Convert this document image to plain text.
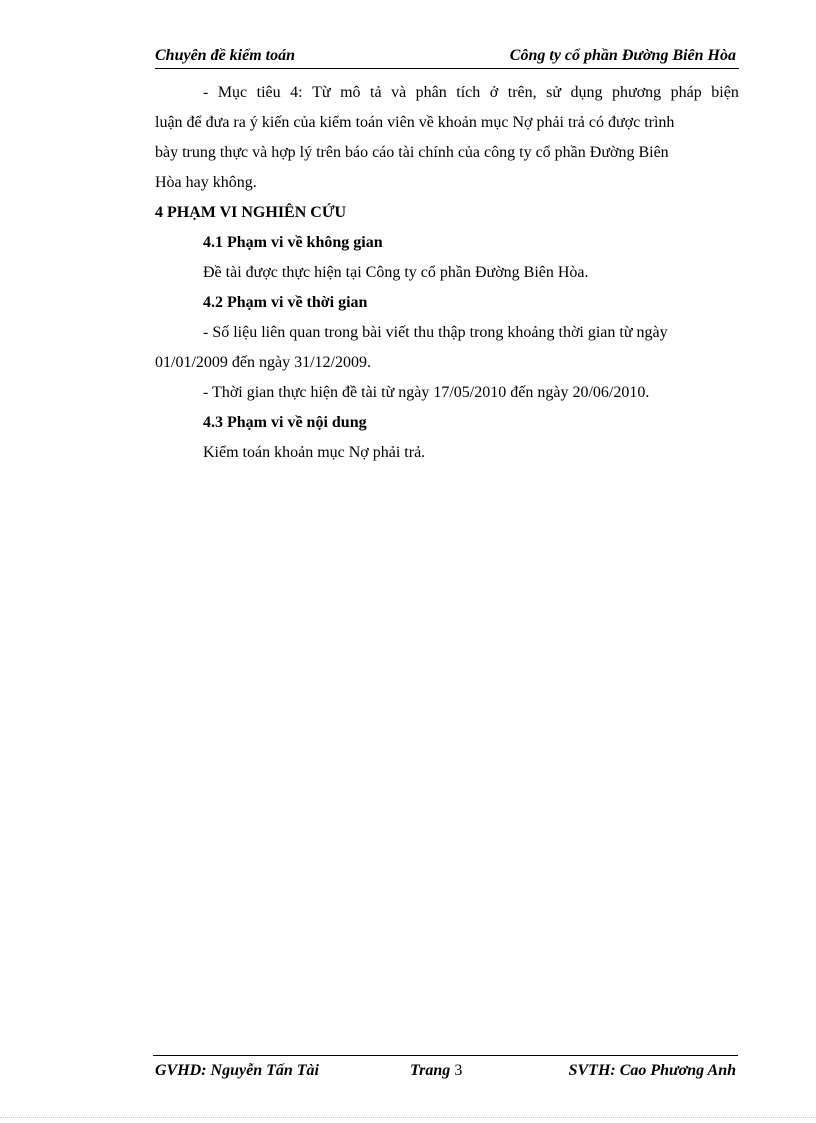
Chuyên đề kiểm toán	Công ty cổ phần Đường Biên Hòa
- Mục tiêu 4: Từ mô tả và phân tích ở trên, sử dụng phương pháp biện
luận để đưa ra ý kiến của kiểm toán viên về khoản mục Nợ phải trả có được trình
bày trung thực và hợp lý trên báo cáo tài chính của công ty cổ phần Đường Biên
Hòa hay không.
4 PHẠM VI NGHIÊN CỨU
4.1 Phạm vi về không gian
Đề tài được thực hiện tại Công ty cổ phần Đường Biên Hòa.
4.2 Phạm vi về thời gian
- Số liệu liên quan trong bài viết thu thập trong khoảng thời gian từ ngày
01/01/2009 đến ngày 31/12/2009.
- Thời gian thực hiện đề tài từ ngày 17/05/2010 đến ngày 20/06/2010.
4.3 Phạm vi về nội dung
Kiểm toán khoản mục Nợ phải trả.
GVHD: Nguyễn Tấn Tài	Trang 3	SVTH: Cao Phương Anh
